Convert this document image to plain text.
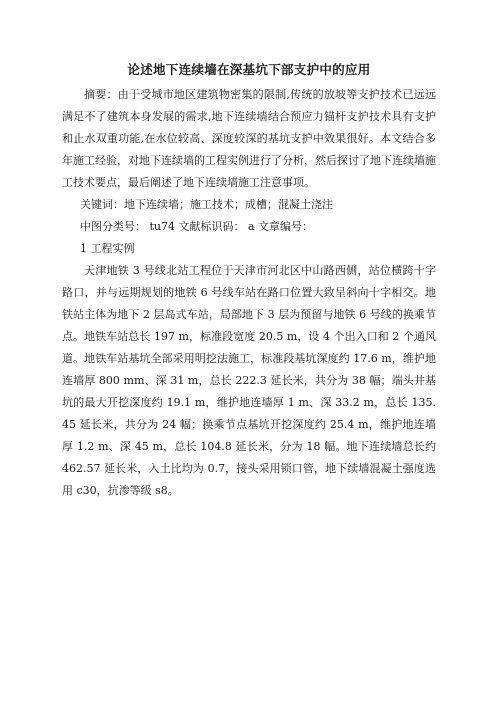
论述地下连续墙在深基坑下部支护中的应用

摘要：由于受城市地区建筑物密集的限制,传统的放坡等支护技术已远远满足不了建筑本身发展的需求,地下连续墙结合预应力锚杆支护技术具有支护和止水双重功能,在水位较高、深度较深的基坑支护中效果很好。本文结合多年施工经验，对地下连续墙的工程实例进行了分析，然后探讨了地下连续墙施工技术要点，最后阐述了地下连续墙施工注意事项。

关键词：地下连续墙；施工技术；成槽；混凝土浇注

中图分类号： tu74 文献标识码： a 文章编号：

1 工程实例

天津地铁 3 号线北站工程位于天津市河北区中山路西侧，站位横跨十字路口，并与远期规划的地铁 6 号线车站在路口位置大致呈斜向十字相交。地铁站主体为地下 2 层岛式车站，局部地下 3 层为预留与地铁 6 号线的换乘节点。地铁车站总长 197 m，标准段宽度 20.5 m，设 4 个出入口和 2 个通风道。地铁车站基坑全部采用明挖法施工，标准段基坑深度约 17.6 m，维护地连墙厚 800 mm、深 31 m，总长 222.3 延长米，共分为 38 幅；端头井基坑的最大开挖深度约 19.1 m，维护地连墙厚 1 m、深 33.2 m，总长 135.45 延长米，共分为 24 幅；换乘节点基坑开挖深度约 25.4 m，维护地连墙厚 1.2 m、深 45 m，总长 104.8 延长米，分为 18 幅。地下连续墙总长约 462.57 延长米，入土比均为 0.7，接头采用锁口管，地下续墙混凝土强度选用 c30，抗渗等级 s8。
